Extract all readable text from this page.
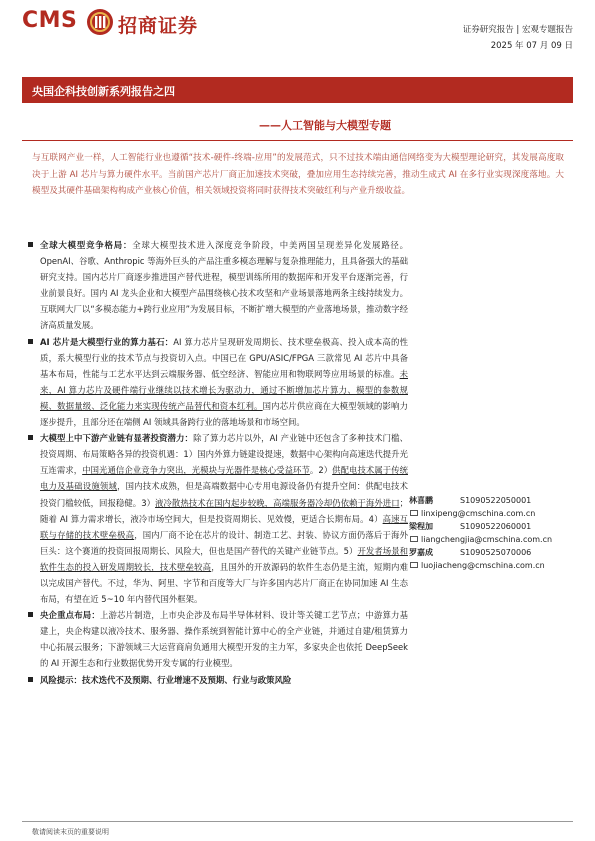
CMS 招商证券	证券研究报告 | 宏观专题报告
2025 年 07 月 09 日
央国企科技创新系列报告之四
——人工智能与大模型专题

与互联网产业一样，人工智能行业也遵循“技术-硬件-终端-应用”的发展范式，只不过技术端由通信网络变为大模型理论研究，其发展高度取决于上游 AI 芯片与算力硬件水平。当前国产芯片厂商正加速技术突破，叠加应用生态持续完善，推动生成式 AI 在多行业实现深度落地。大模型及其硬件基础架构构成产业核心价值，相关领域投资将同时获得技术突破红利与产业升级收益。

全球大模型竞争格局：全球大模型技术进入深度竞争阶段，中美两国呈现差异化发展路径。OpenAI、谷歌、Anthropic 等海外巨头的产品注重多模态理解与复杂推理能力，且具备强大的基础研究支持。国内芯片厂商逐步推进国产替代进程，模型训练所用的数据库和开发平台逐渐完善，行业前景良好。国内 AI 龙头企业和大模型产品围绕核心技术攻坚和产业场景落地两条主线持续发力。互联网大厂以“多模态能力+跨行业应用”为发展目标，不断扩增大模型的产业落地场景，推动数字经济高质量发展。
AI 芯片是大模型行业的算力基石：AI 算力芯片呈现研发周期长、技术壁垒极高、投入成本高的性质，系大模型行业的技术节点与投资切入点。中国已在 GPU/ASIC/FPGA 三款常见 AI 芯片中具备基本布局，性能与工艺水平达到云端服务器、低空经济、智能应用和物联网等应用场景的标准。未来，AI 算力芯片及硬件端行业继续以技术增长为驱动力，通过不断增加芯片算力、模型的参数规模、数据量级、泛化能力来实现传统产品替代和资本红利。国内芯片供应商在大模型领域的影响力逐步提升，且部分还在端侧 AI 领域具备跨行业的落地场景和市场空间。
大模型上中下游产业链有显著投资潜力：除了算力芯片以外，AI 产业链中还包含了多种技术门槛、投资周期、布局策略各异的投资机遇：1）国内外算力链建设提速，数据中心架构向高速迭代提升光互连需求，中国光通信企业竞争力突出，光模块与光器件是核心受益环节。2）供配电技术属于传统电力及基础设施领域，国内技术成熟，但是高端数据中心专用电源设备仍有提升空间：供配电技术投资门槛较低，回报稳健。3）液冷散热技术在国内起步较晚，高端服务器冷却仍依赖于海外进口；随着 AI 算力需求增长，液冷市场空间大，但是投资周期长、见效慢，更适合长期布局。4）高速互联与存储的技术壁垒极高，国内厂商不论在芯片的设计、制造工艺、封装、协议方面仍落后于海外巨头：这个赛道的投资回报周期长、风险大，但也是国产替代的关键产业链节点。5）开发者场景和软件生态的投入研发周期较长，技术壁垒较高，且国外的开放源码的软件生态仍是主流，短期内难以完成国产替代。不过，华为、阿里、字节和百度等大厂与许多国内芯片厂商正在协同加速 AI 生态布局，有望在近 5~10 年内替代国外框架。
央企重点布局：上游芯片制造，上市央企涉及布局半导体材料、设计等关键工艺节点；中游算力基建上，央企构建以液冷技术、服务器、操作系统到智能计算中心的全产业链，并通过自建/租赁算力中心拓展云服务；下游领域三大运营商肩负通用大模型开发的主力军，多家央企也依托 DeepSeek 的 AI 开源生态和行业数据优势开发专属的行业模型。
风险提示：技术迭代不及预期、行业增速不及预期、行业与政策风险
林喜鹏	S1090522050001
linxipeng@cmschina.com.cn
梁程加	S1090522060001
liangchengjia@cmschina.com.cn
罗嘉成	S1090525070006
luojiacheng@cmschina.com.cn
敬请阅读末页的重要说明
